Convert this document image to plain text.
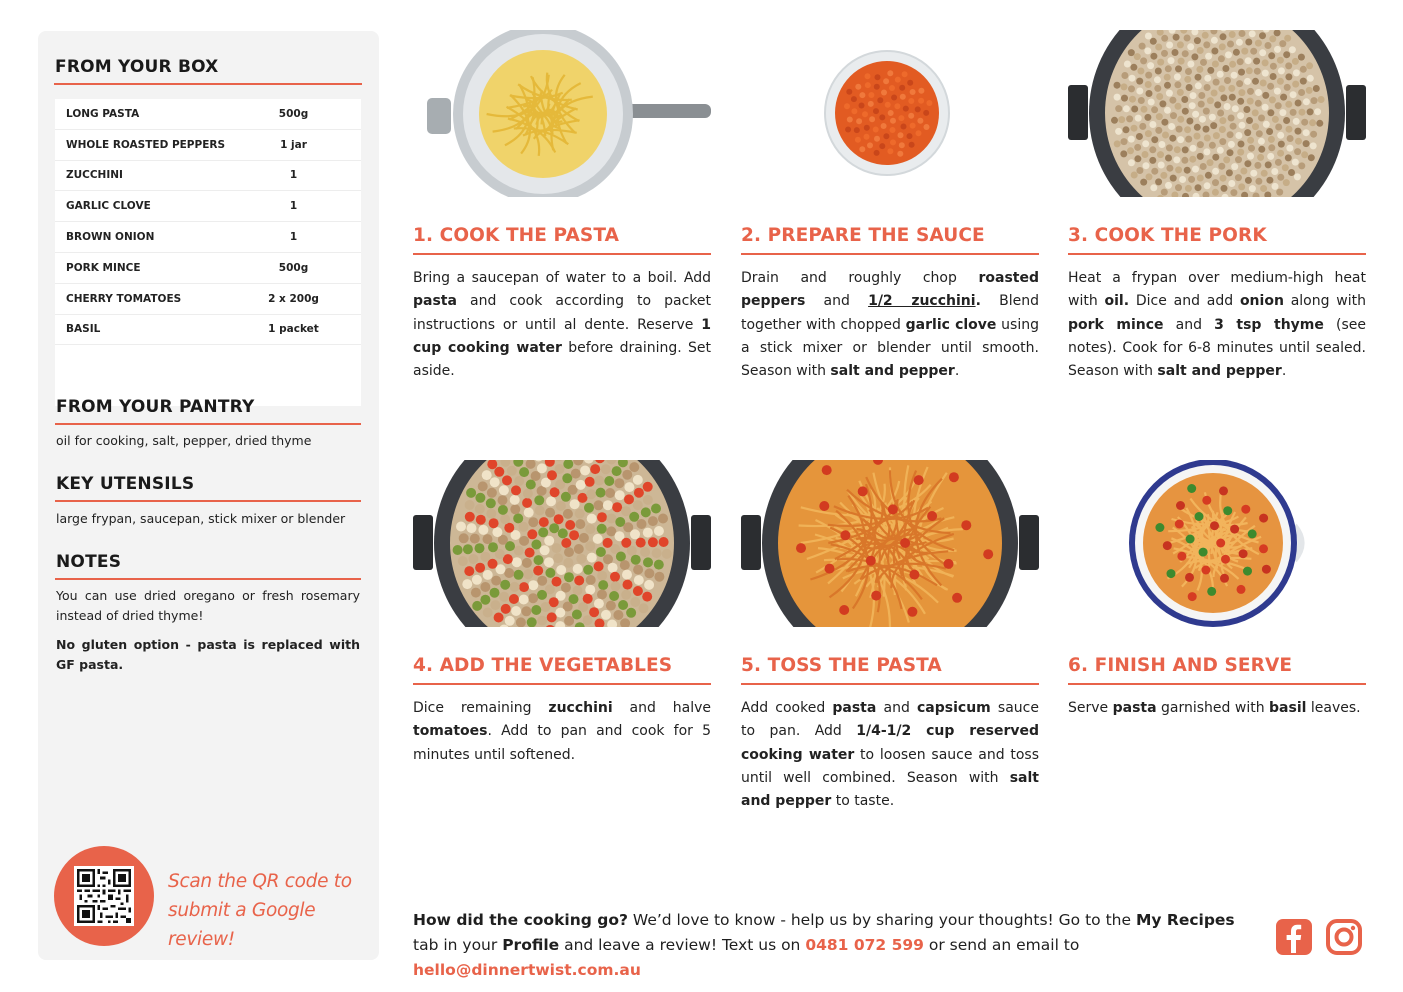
FROM YOUR BOX
LONG PASTA	500g
WHOLE ROASTED PEPPERS	1 jar
ZUCCHINI	1
GARLIC CLOVE	1
BROWN ONION	1
PORK MINCE	500g
CHERRY TOMATOES	2 x 200g
BASIL	1 packet
FROM YOUR PANTRY
oil for cooking, salt, pepper, dried thyme
KEY UTENSILS
large frypan, saucepan, stick mixer or blender
NOTES
You can use dried oregano or fresh rosemary instead of dried thyme!
No gluten option - pasta is replaced with GF pasta.
Scan the QR code to
submit a Google review!
1. COOK THE PASTA
Bring a saucepan of water to a boil. Add pasta and cook according to packet instructions or until al dente. Reserve 1 cup cooking water before draining. Set aside.
2. PREPARE THE SAUCE
Drain and roughly chop roasted peppers and 1/2 zucchini. Blend together with chopped garlic clove using a stick mixer or blender until smooth. Season with salt and pepper.
3. COOK THE PORK
Heat a frypan over medium-high heat with oil. Dice and add onion along with pork mince and 3 tsp thyme (see notes). Cook for 6-8 minutes until sealed. Season with salt and pepper.
4. ADD THE VEGETABLES
Dice remaining zucchini and halve tomatoes. Add to pan and cook for 5 minutes until softened.
5. TOSS THE PASTA
Add cooked pasta and capsicum sauce to pan. Add 1/4-1/2 cup reserved cooking water to loosen sauce and toss until well combined. Season with salt and pepper to taste.
6. FINISH AND SERVE
Serve pasta garnished with basil leaves.
How did the cooking go? We’d love to know - help us by sharing your thoughts! Go to the My Recipes tab in your Profile and leave a review! Text us on 0481 072 599 or send an email to hello@dinnertwist.com.au
